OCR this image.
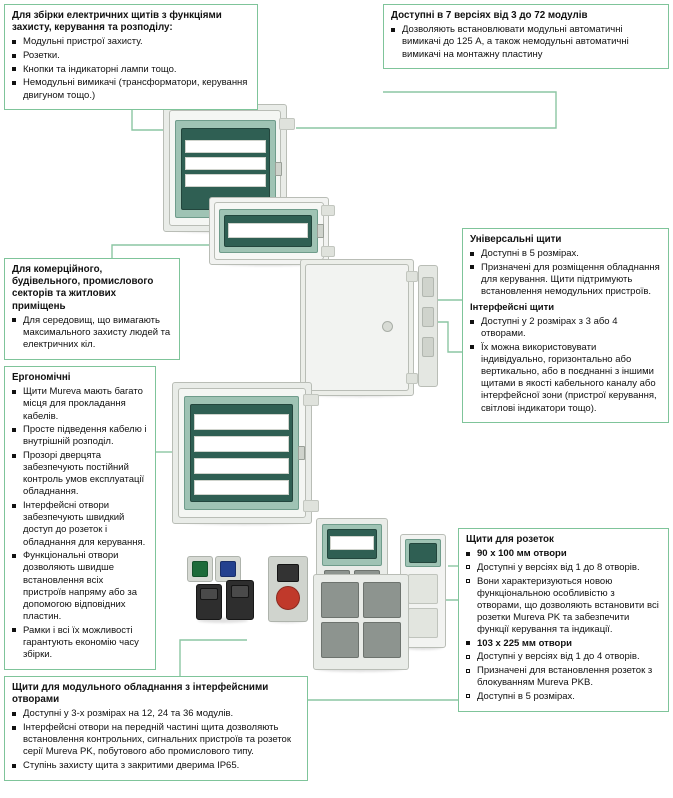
Для збірки електричних щитів з функціями захисту, керування та розподілу:
Модульні пристрої захисту.
Розетки.
Кнопки та індикаторні лампи тощо.
Немодульні вимикачі (трансформатори, керування двигуном тощо.)
Доступні в 7 версіях від 3 до 72 модулів
Дозволяють встановлювати модульні автоматичні вимикачі до 125 А, а також немодульні автоматичні вимикачі на монтажну пластину
Для комерційного, будівельного, промислового секторів та житлових приміщень
Для середовищ, що вимагають максимального захисту людей та електричних кіл.
Універсальні щити
Доступні в 5 розмірах.
Призначені для розміщення обладнання для керування. Щити підтримують встановлення немодульних пристроїв.
Інтерфейсні щити
Доступні у 2 розмірах з 3 або 4 отворами.
Їх можна використовувати індивідуально, горизонтально або вертикально, або в поєднанні з іншими щитами в якості кабельного каналу або інтерфейсної зони (пристрої керування, світлові індикатори тощо).
Ергономічні
Щити Mureva мають багато місця для прокладання кабелів.
Просте підведення кабелю і внутрішній розподіл.
Прозорі дверцята забезпечують постійний контроль умов експлуатації обладнання.
Інтерфейсні отвори забезпечують швидкий доступ до розеток і обладнання для керування.
Функціональні отвори дозволяють швидше встановлення всіх пристроїв напряму або за допомогою відповідних пластин.
Рамки і всі їх можливості гарантують економію часу збірки.
Щити для розеток
90 х 100 мм отвори
Доступні у версіях від 1 до 8 отворів.
Вони характеризуються новою функціональною особливістю з отворами, що дозволяють встановити всі розетки Mureva PK та забезпечити функції керування та індикації.
103 х 225 мм отвори
Доступні у версіях від 1 до 4 отворів.
Призначені для встановлення розеток з блокуванням Mureva PKB.
Доступні в 5 розмірах.
Щити для модульного обладнання з інтерфейсними отворами
Доступні у 3-х розмірах на 12, 24 та 36 модулів.
Інтерфейсні отвори на передній частині щита дозволяють встановлення контрольних, сигнальних пристроїв та розеток серії Mureva PK, побутового або промислового типу.
Ступінь захисту щита з закритими дверима IP65.
